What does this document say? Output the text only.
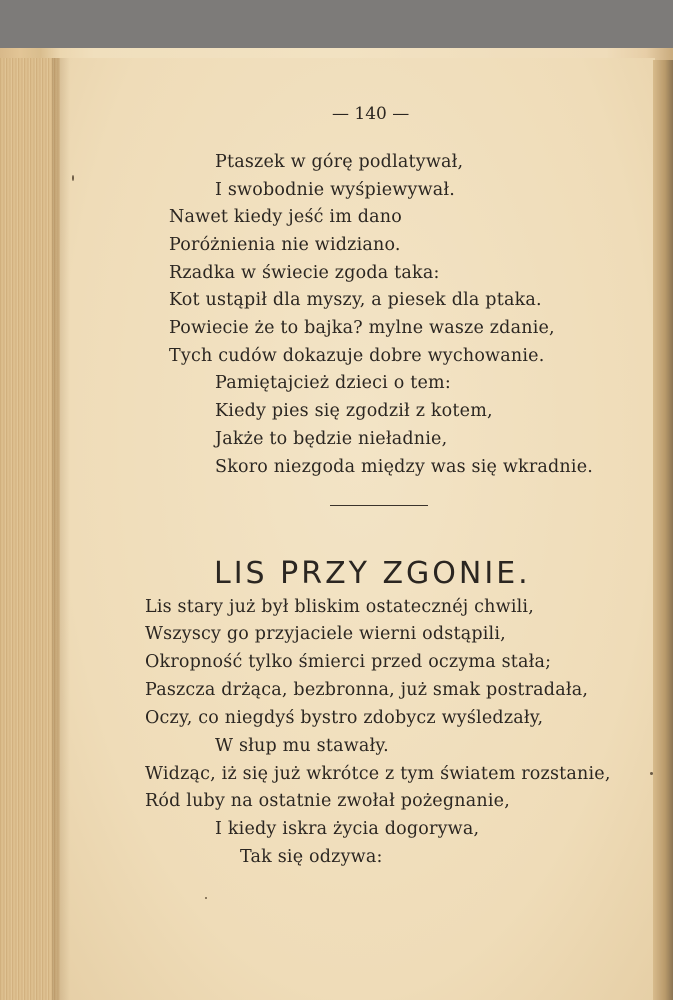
— 140 —
Ptaszek w górę podlatywał,
I swobodnie wyśpiewywał.
Nawet kiedy jeść im dano
Poróżnienia nie widziano.
Rzadka w świecie zgoda taka:
Kot ustąpił dla myszy, a piesek dla ptaka.
Powiecie że to bajka? mylne wasze zdanie,
Tych cudów dokazuje dobre wychowanie.
Pamiętajcież dzieci o tem:
Kiedy pies się zgodził z kotem,
Jakże to będzie nieładnie,
Skoro niezgoda między was się wkradnie.
LIS PRZY ZGONIE.
Lis stary już był bliskim ostatecznéj chwili,
Wszyscy go przyjaciele wierni odstąpili,
Okropność tylko śmierci przed oczyma stała;
Paszcza drżąca, bezbronna, już smak postradała,
Oczy, co niegdyś bystro zdobycz wyśledzały,
W słup mu stawały.
Widząc, iż się już wkrótce z tym światem rozstanie,
Ród luby na ostatnie zwołał pożegnanie,
I kiedy iskra życia dogorywa,
Tak się odzywa:
